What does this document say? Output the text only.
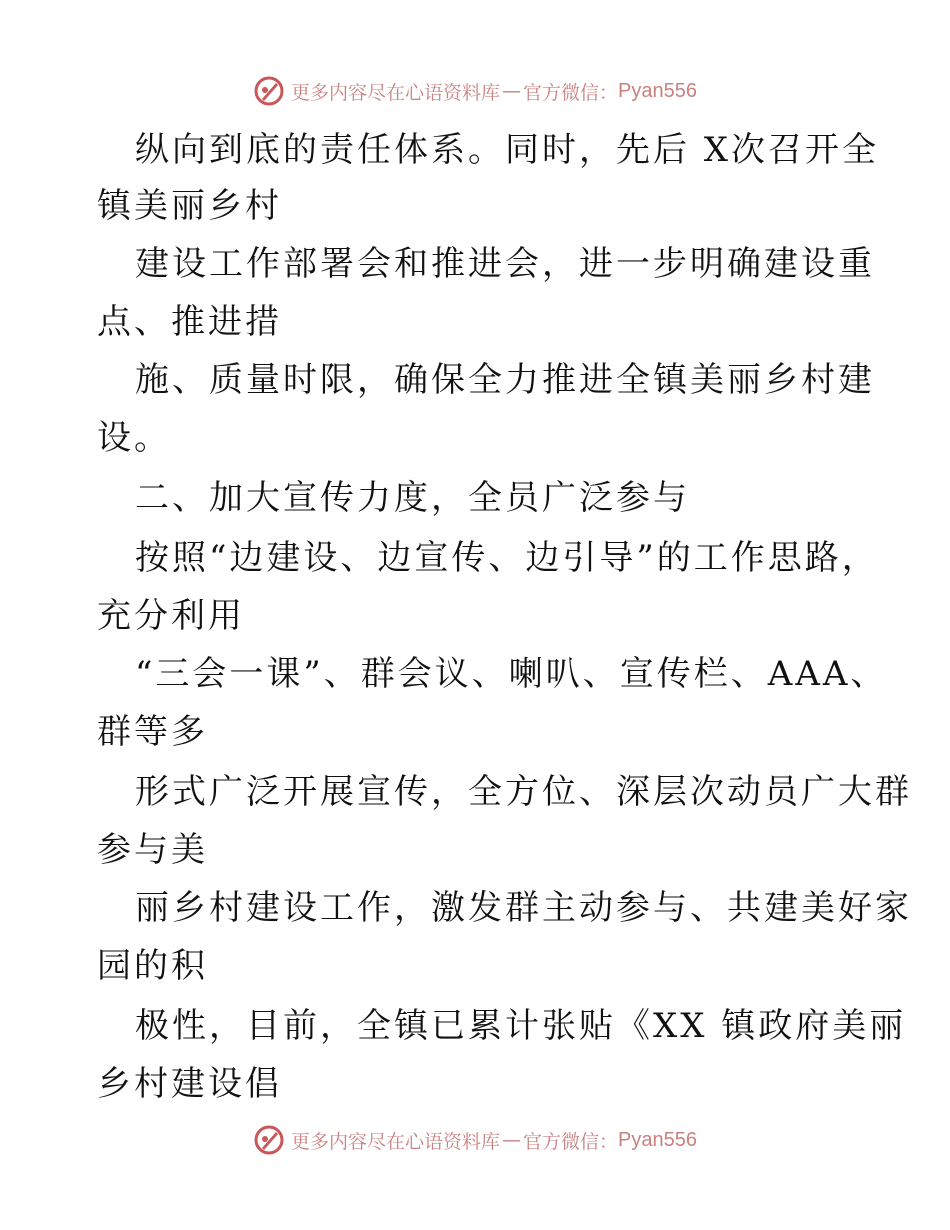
更多内容尽在心语资料库 — 官方微信： Pyan556
纵向到底的责任体系。同时，先后 X次召开全
镇美丽乡村
建设工作部署会和推进会，进一步明确建设重
点、推进措
施、质量时限，确保全力推进全镇美丽乡村建
设。
二、加大宣传力度，全员广泛参与
按照“边建设、边宣传、边引导”的工作思路，
充分利用
“三会一课”、群会议、喇叭、宣传栏、AAA、
群等多
形式广泛开展宣传，全方位、深层次动员广大群
参与美
丽乡村建设工作，激发群主动参与、共建美好家
园的积
极性，目前，全镇已累计张贴《XX 镇政府美丽
乡村建设倡
更多内容尽在心语资料库 — 官方微信： Pyan556
